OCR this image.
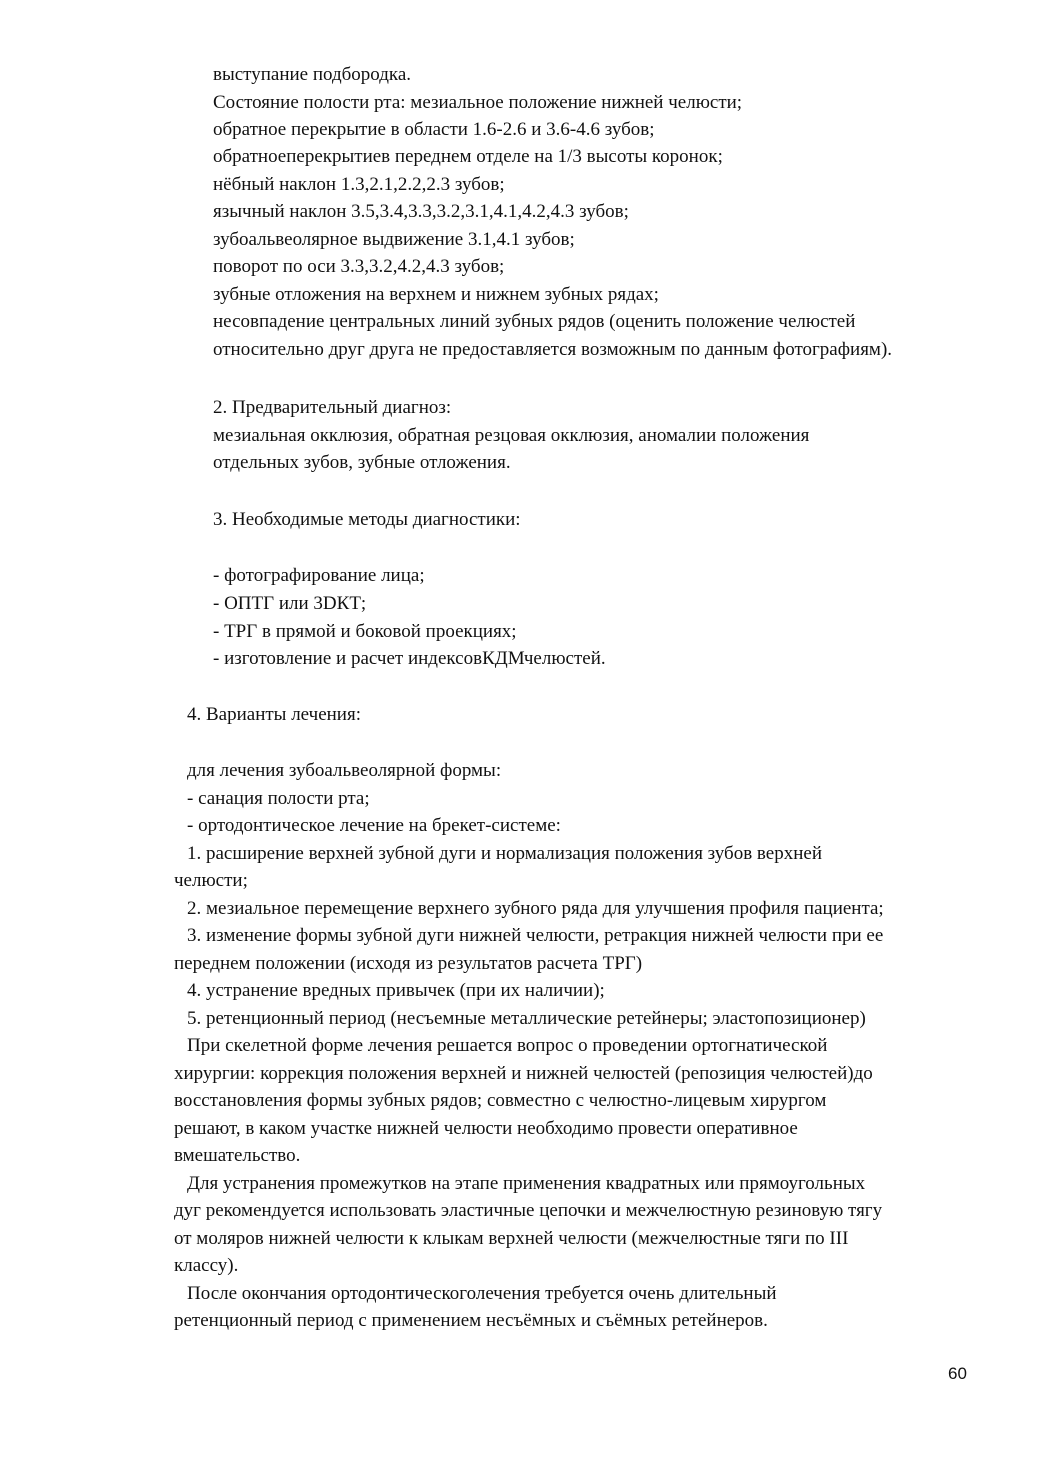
выступание подбородка.
Состояние полости рта: мезиальное положение нижней челюсти;
обратное перекрытие в области 1.6-2.6 и 3.6-4.6 зубов;
обратноеперекрытиев переднем отделе на 1/3 высоты коронок;
нёбный наклон 1.3,2.1,2.2,2.3 зубов;
язычный наклон 3.5,3.4,3.3,3.2,3.1,4.1,4.2,4.3 зубов;
зубоальвеолярное выдвижение 3.1,4.1 зубов;
поворот по оси 3.3,3.2,4.2,4.3 зубов;
зубные отложения на верхнем и нижнем зубных рядах;
несовпадение центральных линий зубных рядов (оценить положение челюстей
относительно друг друга не предоставляется возможным по данным фотографиям).
2. Предварительный диагноз:
мезиальная окклюзия, обратная резцовая окклюзия, аномалии положения
отдельных зубов, зубные отложения.
3. Необходимые методы диагностики:
- фотографирование лица;
- ОПТГ или 3DКТ;
- ТРГ в прямой и боковой проекциях;
- изготовление и расчет индексовКДМчелюстей.
4. Варианты лечения:
для лечения зубоальвеолярной формы:
- санация полости рта;
- ортодонтическое лечение на брекет-системе:
1. расширение верхней зубной дуги и нормализация положения зубов верхней
челюсти;
2. мезиальное перемещение верхнего зубного ряда для улучшения профиля пациента;
3. изменение формы зубной дуги нижней челюсти, ретракция нижней челюсти при ее
переднем положении (исходя из результатов расчета ТРГ)
4. устранение вредных привычек (при их наличии);
5. ретенционный период (несъемные металлические ретейнеры; эластопозиционер)
При скелетной форме лечения решается вопрос о проведении ортогнатической
хирургии: коррекция положения верхней и нижней челюстей (репозиция челюстей)до
восстановления формы зубных рядов; совместно с челюстно-лицевым хирургом
решают, в каком участке нижней челюсти необходимо провести оперативное
вмешательство.
Для устранения промежутков на этапе применения квадратных или прямоугольных
дуг рекомендуется использовать эластичные цепочки и межчелюстную резиновую тягу
от моляров нижней челюсти к клыкам верхней челюсти (межчелюстные тяги по III
классу).
После окончания ортодонтическоголечения требуется очень длительный
ретенционный период с применением несъёмных и съёмных ретейнеров.
60
